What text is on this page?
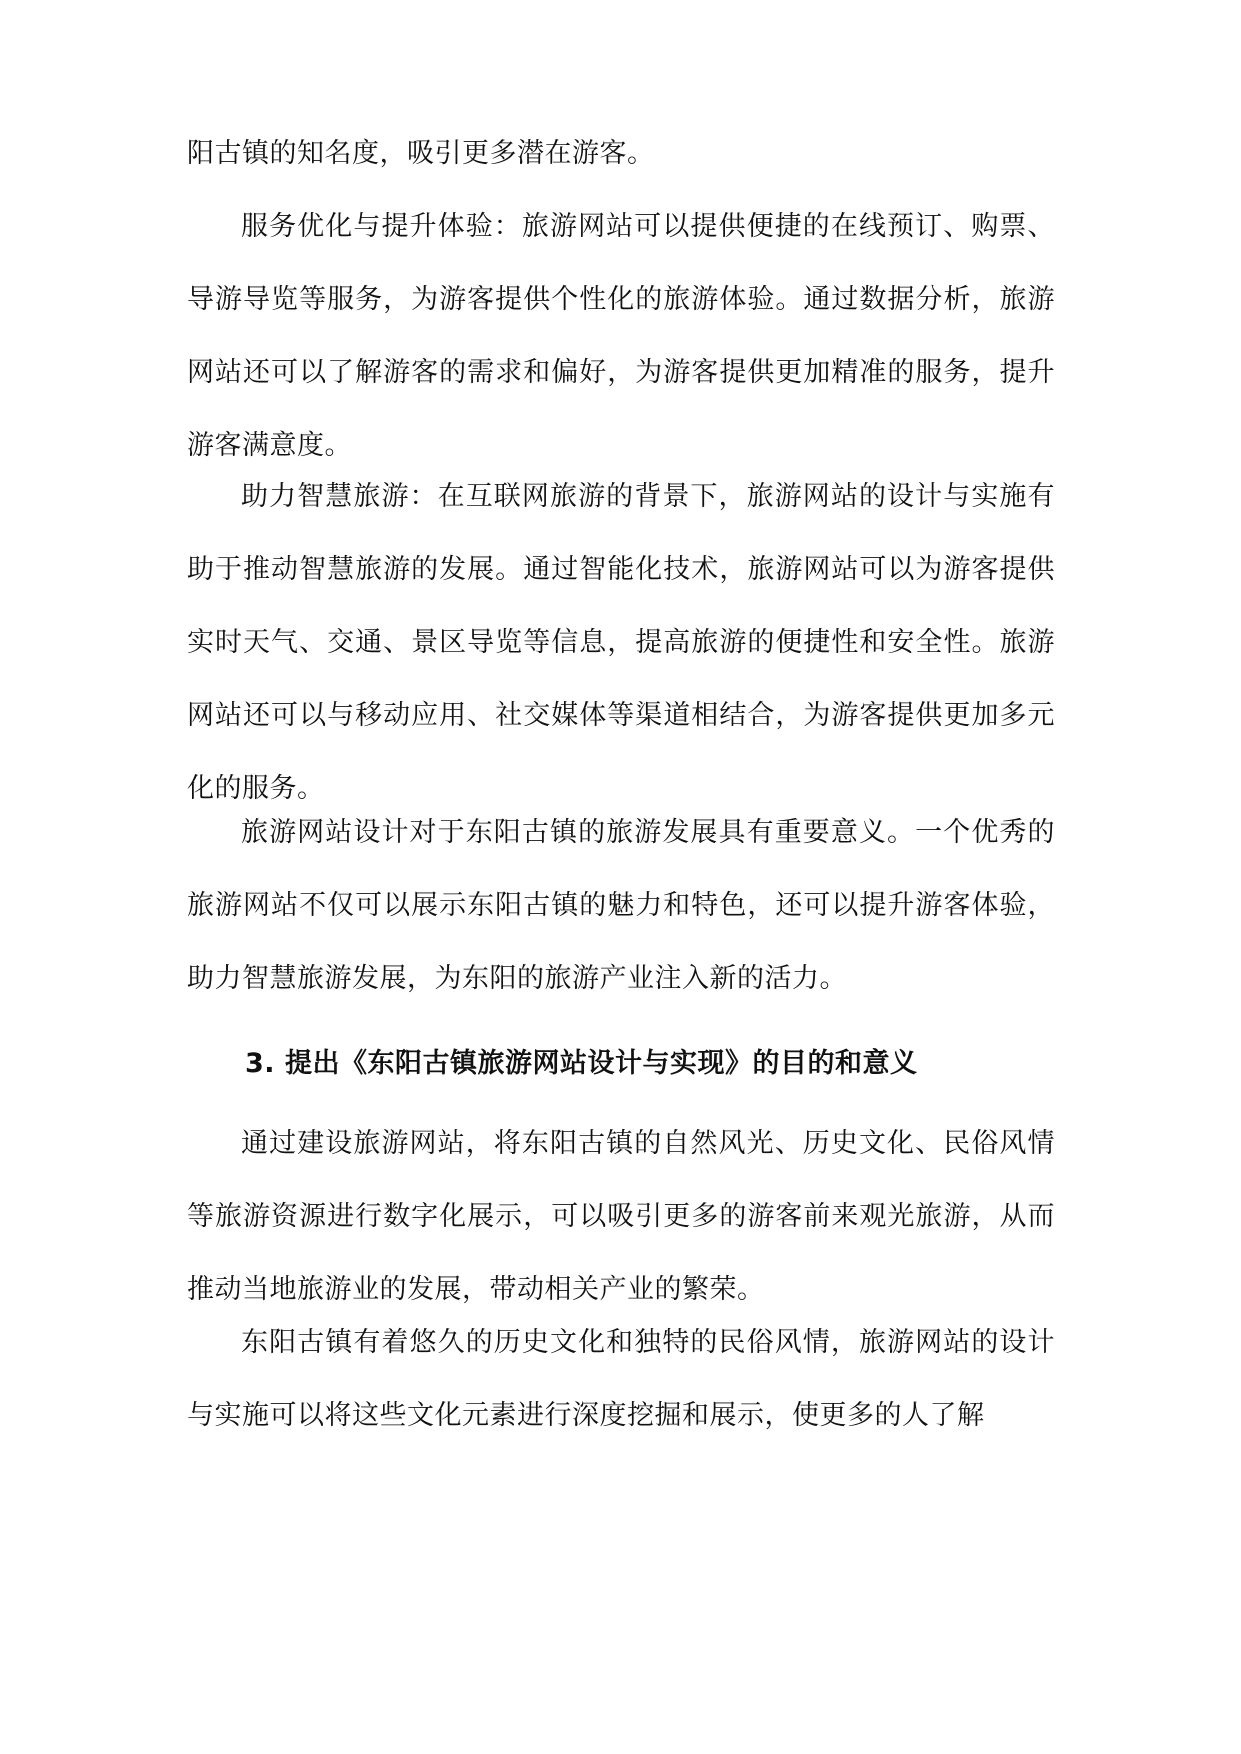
阳古镇的知名度，吸引更多潜在游客。

服务优化与提升体验：旅游网站可以提供便捷的在线预订、购票、导游导览等服务，为游客提供个性化的旅游体验。通过数据分析，旅游网站还可以了解游客的需求和偏好，为游客提供更加精准的服务，提升游客满意度。

助力智慧旅游：在互联网旅游的背景下，旅游网站的设计与实施有助于推动智慧旅游的发展。通过智能化技术，旅游网站可以为游客提供实时天气、交通、景区导览等信息，提高旅游的便捷性和安全性。旅游网站还可以与移动应用、社交媒体等渠道相结合，为游客提供更加多元化的服务。

旅游网站设计对于东阳古镇的旅游发展具有重要意义。一个优秀的旅游网站不仅可以展示东阳古镇的魅力和特色，还可以提升游客体验，助力智慧旅游发展，为东阳的旅游产业注入新的活力。

3. 提出《东阳古镇旅游网站设计与实现》的目的和意义

通过建设旅游网站，将东阳古镇的自然风光、历史文化、民俗风情等旅游资源进行数字化展示，可以吸引更多的游客前来观光旅游，从而推动当地旅游业的发展，带动相关产业的繁荣。

东阳古镇有着悠久的历史文化和独特的民俗风情，旅游网站的设计与实施可以将这些文化元素进行深度挖掘和展示，使更多的人了解
